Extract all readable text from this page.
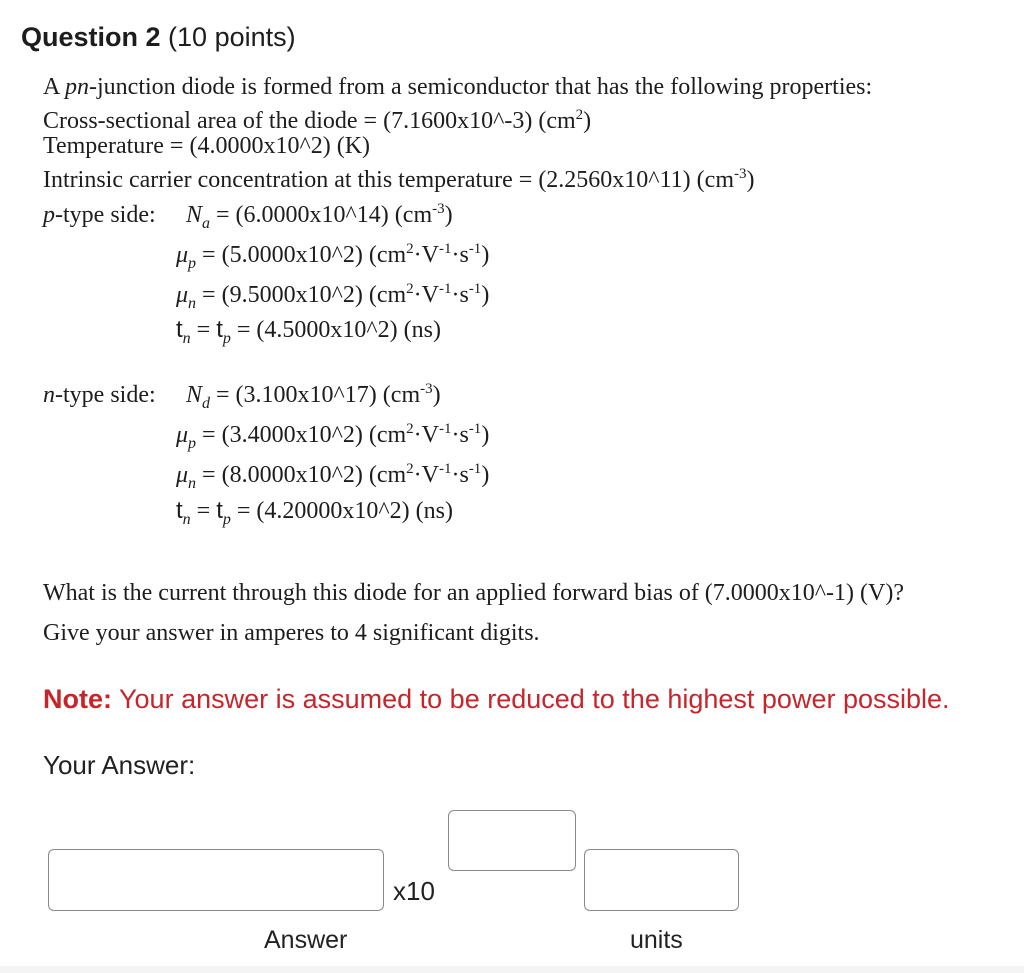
Question 2 (10 points)
A pn-junction diode is formed from a semiconductor that has the following properties:
Cross-sectional area of the diode = (7.1600x10^-3) $(cm^2)$
Temperature = (4.0000x10^2) (K)
Intrinsic carrier concentration at this temperature = (2.2560x10^11) $(cm^{-3})$
p-type side: $N_a$ = (6.0000x10^14) $(cm^{-3})$
$\mu_p$ = (5.0000x10^2) $(cm^2\cdot V^{-1}\cdot s^{-1})$
$\mu_n$ = (9.5000x10^2) $(cm^2\cdot V^{-1}\cdot s^{-1})$
$t_n = t_p$ = (4.5000x10^2) (ns)
n-type side: $N_d$ = (3.100x10^17) $(cm^{-3})$
$\mu_p$ = (3.4000x10^2) $(cm^2\cdot V^{-1}\cdot s^{-1})$
$\mu_n$ = (8.0000x10^2) $(cm^2\cdot V^{-1}\cdot s^{-1})$
$t_n = t_p$ = (4.20000x10^2) (ns)
What is the current through this diode for an applied forward bias of (7.0000x10^-1) (V)?
Give your answer in amperes to 4 significant digits.
Note: Your answer is assumed to be reduced to the highest power possible.
Your Answer:
x10
Answer	units
